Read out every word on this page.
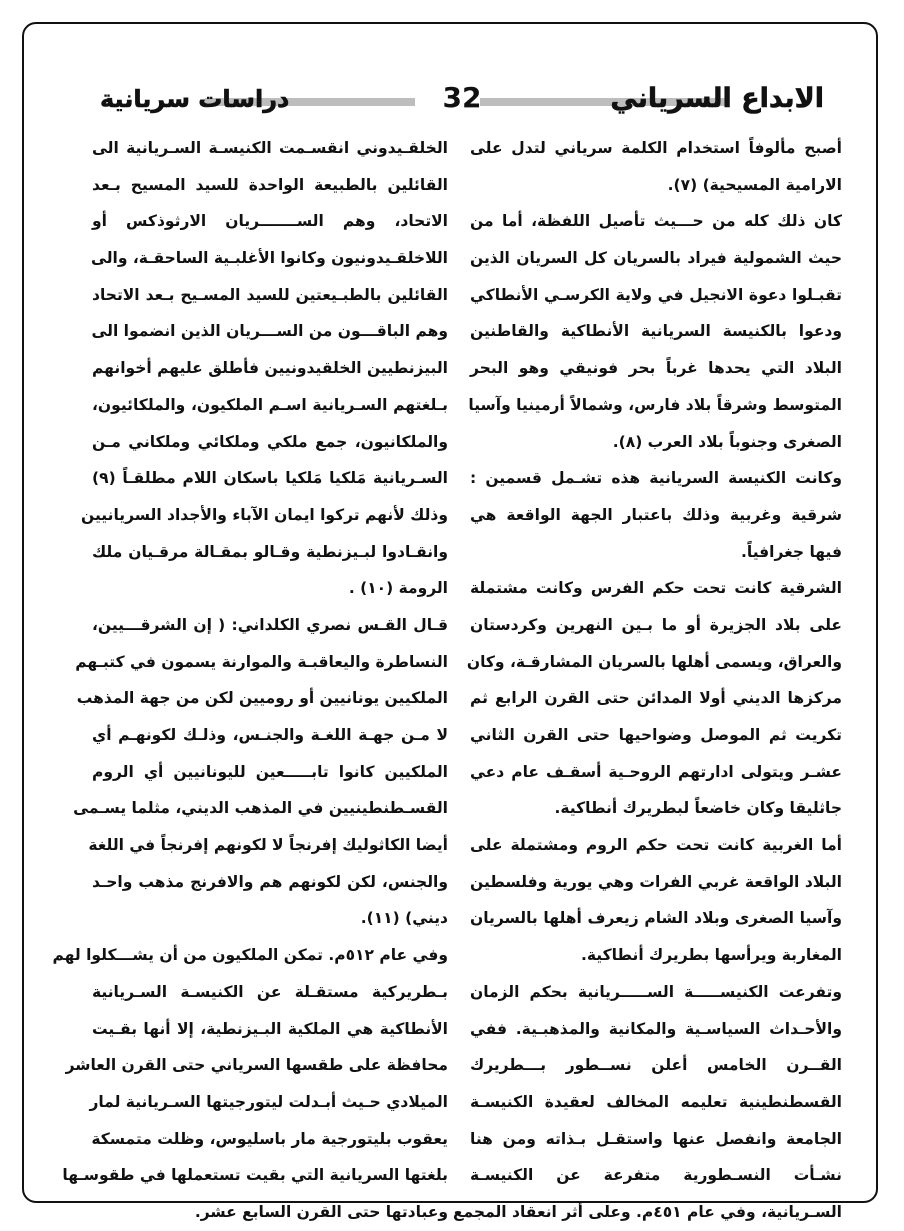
الابداع السرياني
32
دراسات سريانية
أصبح مألوفاً استخدام الكلمة سرياني لتدل على
الارامية المسيحية) (٧).
كان ذلك كله من حـــيث تأصيل اللفظة، أما من
حيث الشمولية فيراد بالسريان كل السريان الذين
تقبـلوا دعوة الانجيل في ولاية الكرسـي الأنطاكي
ودعوا بالكنيسة السريانية الأنطاكية والقاطنين
البلاد التي يحدها غرباً بحر فونيقي وهو البحر
المتوسط وشرقاً بلاد فارس، وشمالاً أرمينيا وآسيا
الصغرى وجنوباً بلاد العرب (٨).
وكانت الكنيسة السريانية هذه تشـمل قسمين :
شرقية وغربية وذلك باعتبار الجهة الواقعة هي
فيها جغرافياً.
الشرقية كانت تحت حكم الفرس وكانت مشتملة
على بلاد الجزيرة أو ما بـين النهرين وكردستان
والعراق، ويسمى أهلها بالسريان المشارقـة، وكان
مركزها الديني أولا المدائن حتى القرن الرابع ثم
تكريت ثم الموصل وضواحيها حتى القرن الثاني
عشـر ويتولى ادارتهم الروحـية أسقـف عام دعي
جاثليقا وكان خاضعاً لبطريرك أنطاكية.
أما الغربية كانت تحت حكم الروم ومشتملة على
البلاد الواقعة غربي الفرات وهي يورية وفلسطين
وآسيا الصغرى وبلاد الشام زيعرف أهلها بالسريان
المغاربة ويرأسها بطريرك أنطاكية.
وتفرعت الكنيســـــة الســـــريانية بحكم الزمان
والأحـداث السياسـية والمكانية والمذهبـية. ففي
القــرن الخامس أعلن نســطور بـــطريرك
القسطنطينية تعليمه المخالف لعقيدة الكنيسـة
الجامعة وانفصل عنها واستقـل بـذاته ومن هنا
نشـأت النسـطورية متفرعة عن الكنيسـة
السـريانية، وفي عام ٤٥١م. وعلى أثر انعقاد المجمع
الخلقـيدوني انقسـمت الكنيسـة السـريانية الى
القائلين بالطبيعة الواحدة للسيد المسيح بـعد
الاتحاد، وهم الســـــــريان الارثوذكس أو
اللاخلقـيدونيون وكانوا الأغلبـية الساحقـة، والى
القائلين بالطبـيعتين للسيد المسـيح بـعد الاتحاد
وهم الباقـــون من الســـريان الذين انضموا الى
البيزنطيين الخلقيدونيين فأطلق عليهم أخوانهم
بـلغتهم السـريانية اسـم الملكيون، والملكائيون،
والملكانيون، جمع ملكي وملكائي وملكاني مـن
السـريانية مَلكيا مَلكيا باسكان اللام مطلقـاً (٩)
وذلك لأنهم تركوا ايمان الآباء والأجداد السريانيين
وانقـادوا لبـيزنطية وقـالو بمقـالة مرقـيان ملك
الرومة (١٠) .
قـال القـس نصري الكلداني: ( إن الشرقـــيين،
النساطرة واليعاقبـة والموارنة يسمون في كتبـهم
الملكيين يونانيين أو روميين لكن من جهة المذهب
لا مـن جهـة اللغـة والجنـس، وذلـك لكونهـم أي
الملكيين كانوا تابـــــعين لليونانيين أي الروم
القسـطنطينيين في المذهب الديني، مثلما يسـمى
أيضا الكاثوليك إفرنجاً لا لكونهم إفرنجاً في اللغة
والجنس، لكن لكونهم هم والافرنج مذهب واحـد
ديني) (١١).
وفي عام ٥١٢م. تمكن الملكيون من أن يشـــكلوا لهم
بـطريركية مستقـلة عن الكنيسـة السـريانية
الأنطاكية هي الملكية البـيزنطية، إلا أنها بقـيت
محافظة على طقسها السرياني حتى القرن العاشر
الميلادي حـيث أبـدلت ليتورجيتها السـريانية لمار
يعقوب بليتورجية مار باسليوس، وظلت متمسكة
بلغتها السريانية التي بقيت تستعملها في طقوسـها
وعبادتها حتى القرن السابع عشر.
